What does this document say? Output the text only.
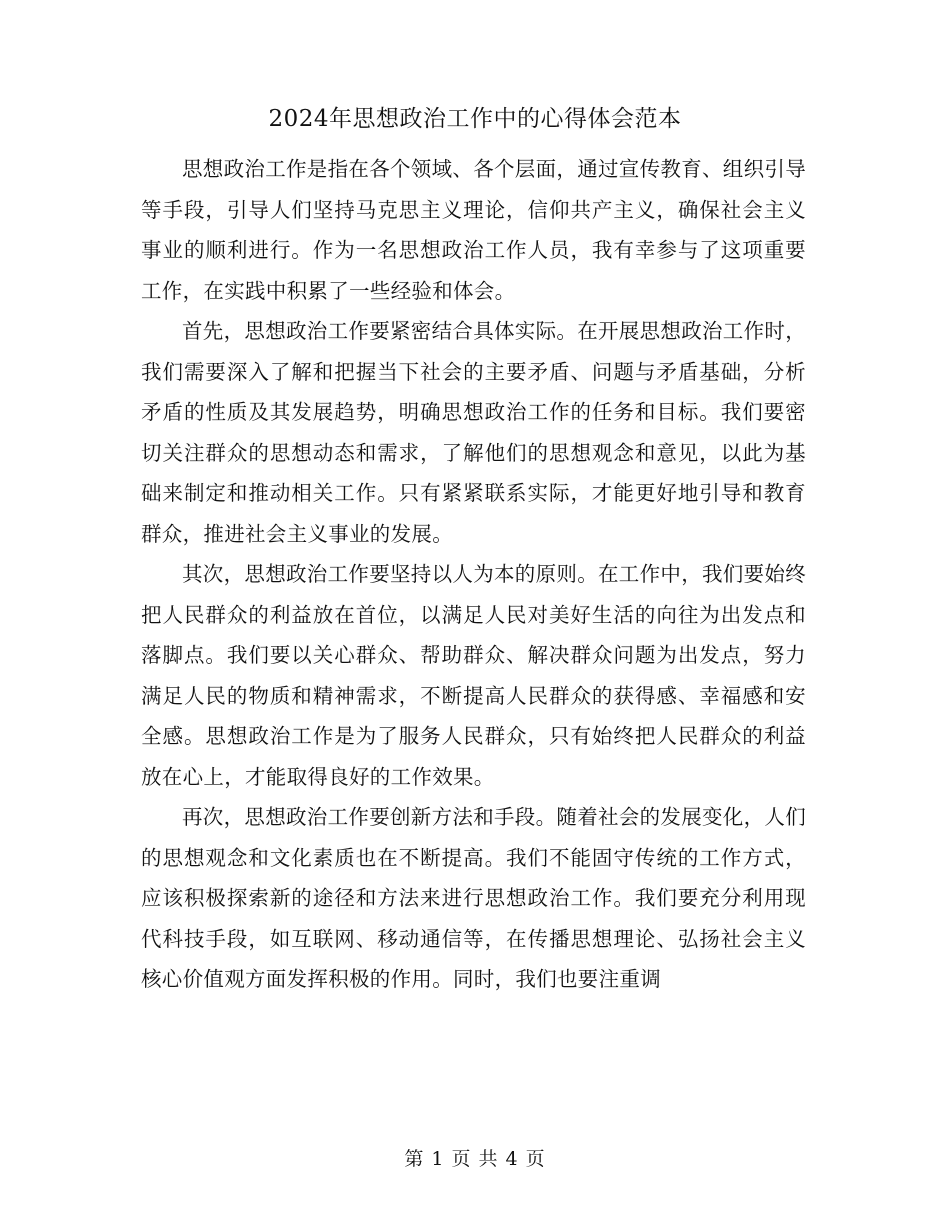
2024年思想政治工作中的心得体会范本

思想政治工作是指在各个领域、各个层面，通过宣传教育、组织引导等手段，引导人们坚持马克思主义理论，信仰共产主义，确保社会主义事业的顺利进行。作为一名思想政治工作人员，我有幸参与了这项重要工作，在实践中积累了一些经验和体会。

首先，思想政治工作要紧密结合具体实际。在开展思想政治工作时，我们需要深入了解和把握当下社会的主要矛盾、问题与矛盾基础，分析矛盾的性质及其发展趋势，明确思想政治工作的任务和目标。我们要密切关注群众的思想动态和需求，了解他们的思想观念和意见，以此为基础来制定和推动相关工作。只有紧紧联系实际，才能更好地引导和教育群众，推进社会主义事业的发展。

其次，思想政治工作要坚持以人为本的原则。在工作中，我们要始终把人民群众的利益放在首位，以满足人民对美好生活的向往为出发点和落脚点。我们要以关心群众、帮助群众、解决群众问题为出发点，努力满足人民的物质和精神需求，不断提高人民群众的获得感、幸福感和安全感。思想政治工作是为了服务人民群众，只有始终把人民群众的利益放在心上，才能取得良好的工作效果。

再次，思想政治工作要创新方法和手段。随着社会的发展变化，人们的思想观念和文化素质也在不断提高。我们不能固守传统的工作方式，应该积极探索新的途径和方法来进行思想政治工作。我们要充分利用现代科技手段，如互联网、移动通信等，在传播思想理论、弘扬社会主义核心价值观方面发挥积极的作用。同时，我们也要注重调

第 1 页 共 4 页
